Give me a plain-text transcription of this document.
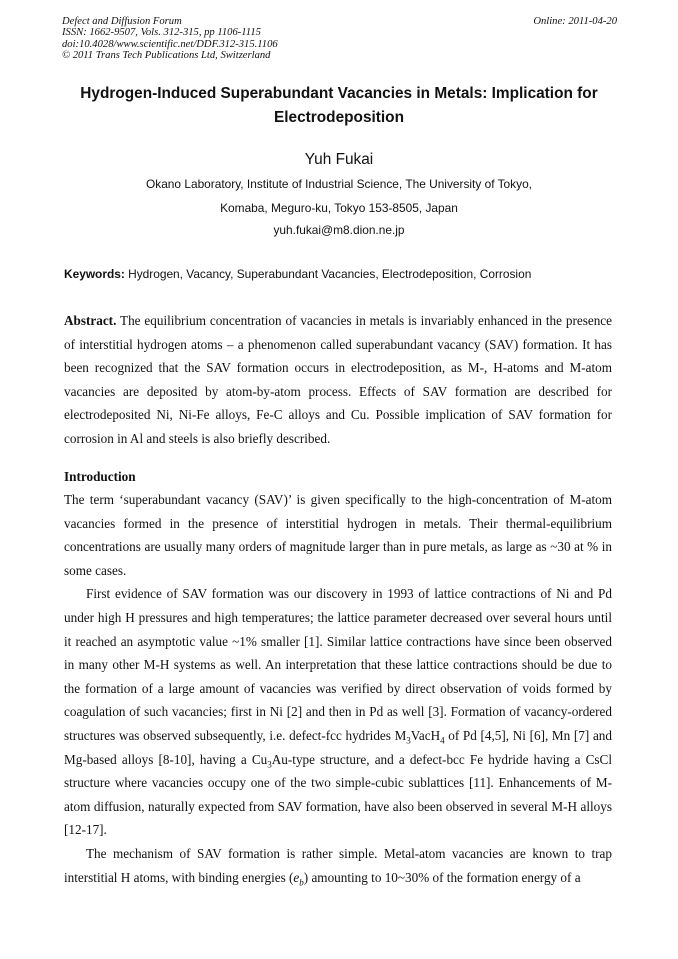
Defect and Diffusion Forum
ISSN: 1662-9507, Vols. 312-315, pp 1106-1115
doi:10.4028/www.scientific.net/DDF.312-315.1106
© 2011 Trans Tech Publications Ltd, Switzerland
Online: 2011-04-20
Hydrogen-Induced Superabundant Vacancies in Metals: Implication for Electrodeposition
Yuh Fukai
Okano Laboratory, Institute of Industrial Science, The University of Tokyo,
Komaba, Meguro-ku, Tokyo 153-8505, Japan
yuh.fukai@m8.dion.ne.jp
Keywords: Hydrogen, Vacancy, Superabundant Vacancies, Electrodeposition, Corrosion

Abstract. The equilibrium concentration of vacancies in metals is invariably enhanced in the presence of interstitial hydrogen atoms – a phenomenon called superabundant vacancy (SAV) formation. It has been recognized that the SAV formation occurs in electrodeposition, as M-, H-atoms and M-atom vacancies are deposited by atom-by-atom process. Effects of SAV formation are described for electrodeposited Ni, Ni-Fe alloys, Fe-C alloys and Cu. Possible implication of SAV formation for corrosion in Al and steels is also briefly described.

Introduction

The term ‘superabundant vacancy (SAV)’ is given specifically to the high-concentration of M-atom vacancies formed in the presence of interstitial hydrogen in metals. Their thermal-equilibrium concentrations are usually many orders of magnitude larger than in pure metals, as large as ~30 at % in some cases.

First evidence of SAV formation was our discovery in 1993 of lattice contractions of Ni and Pd under high H pressures and high temperatures; the lattice parameter decreased over several hours until it reached an asymptotic value ~1% smaller [1]. Similar lattice contractions have since been observed in many other M-H systems as well. An interpretation that these lattice contractions should be due to the formation of a large amount of vacancies was verified by direct observation of voids formed by coagulation of such vacancies; first in Ni [2] and then in Pd as well [3]. Formation of vacancy-ordered structures was observed subsequently, i.e. defect-fcc hydrides $M_3VacH_4$ of Pd [4,5], Ni [6], Mn [7] and Mg-based alloys [8-10], having a $Cu_3Au$-type structure, and a defect-bcc Fe hydride having a CsCl structure where vacancies occupy one of the two simple-cubic sublattices [11]. Enhancements of M-atom diffusion, naturally expected from SAV formation, have also been observed in several M-H alloys [12-17].

The mechanism of SAV formation is rather simple. Metal-atom vacancies are known to trap interstitial H atoms, with binding energies $(e_b)$ amounting to 10~30% of the formation energy of a
